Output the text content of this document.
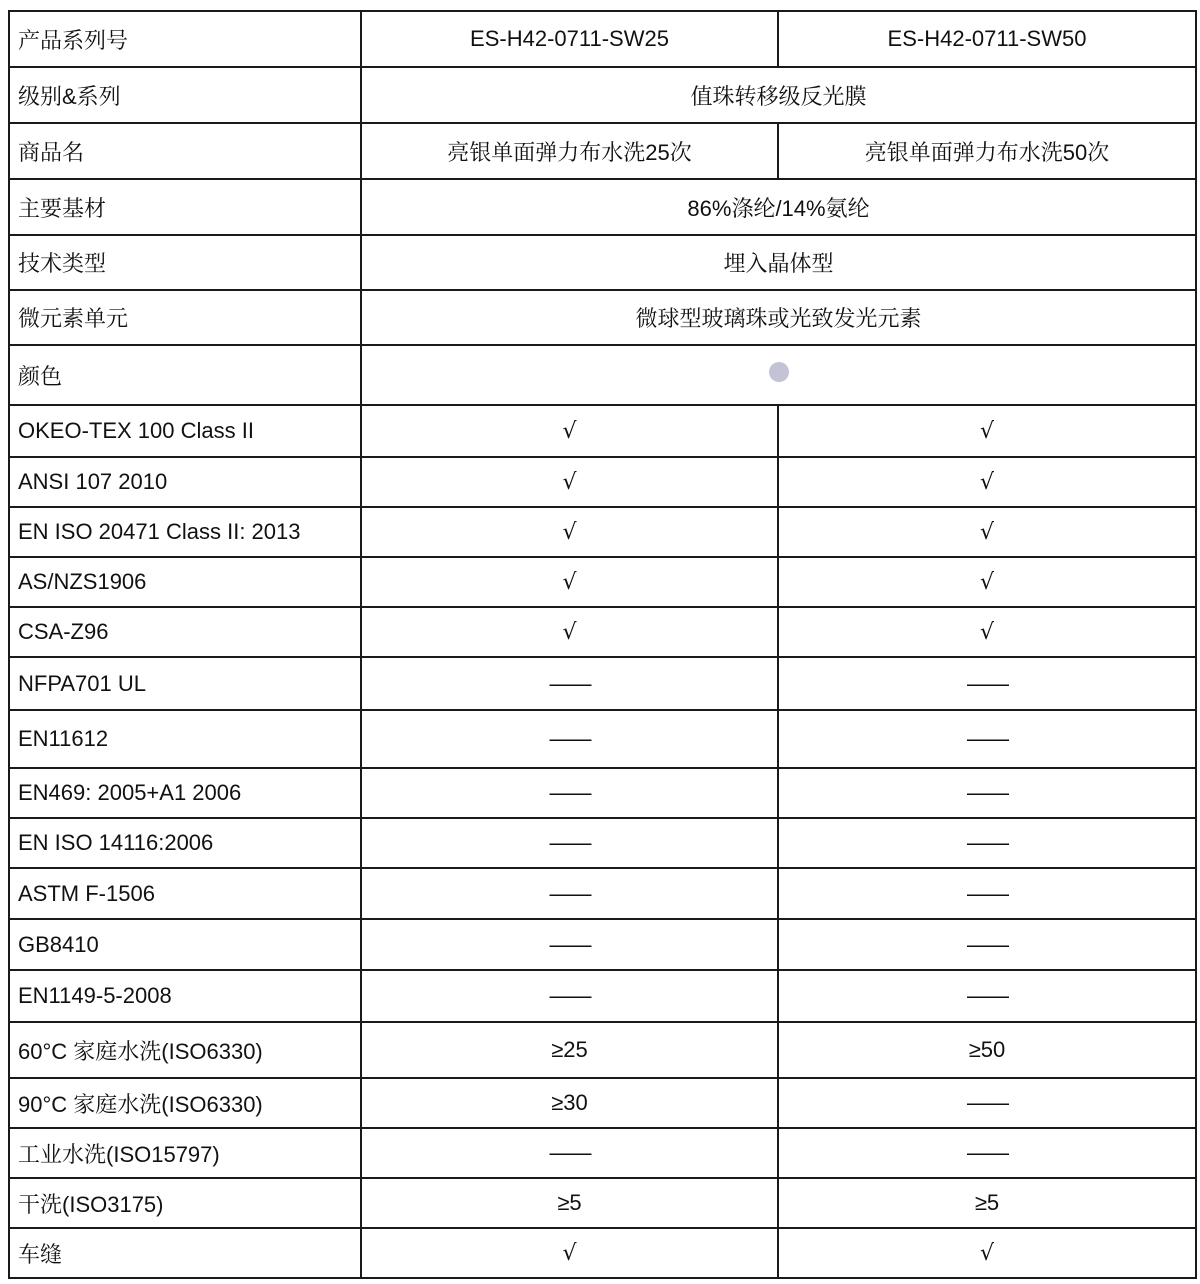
产品系列号	ES-H42-0711-SW25	ES-H42-0711-SW50
级别&系列	值珠转移级反光膜	
商品名	亮银单面弹力布水洗25次	亮银单面弹力布水洗50次
主要基材	86%涤纶/14%氨纶	
技术类型	埋入晶体型	
微元素单元	微球型玻璃珠或光致发光元素	
颜色		
OKEO-TEX 100 Class II	√	√
ANSI 107 2010	√	√
EN ISO 20471 Class II: 2013	√	√
AS/NZS1906	√	√
CSA-Z96	√	√
NFPA701 UL	——	——
EN11612	——	——
EN469: 2005+A1 2006	——	——
EN ISO 14116:2006	——	——
ASTM F-1506	——	——
GB8410	——	——
EN1149-5-2008	——	——
60°C 家庭水洗(ISO6330)	≥25	≥50
90°C 家庭水洗(ISO6330)	≥30	——
工业水洗(ISO15797)	——	——
干洗(ISO3175)	≥5	≥5
车缝	√	√
